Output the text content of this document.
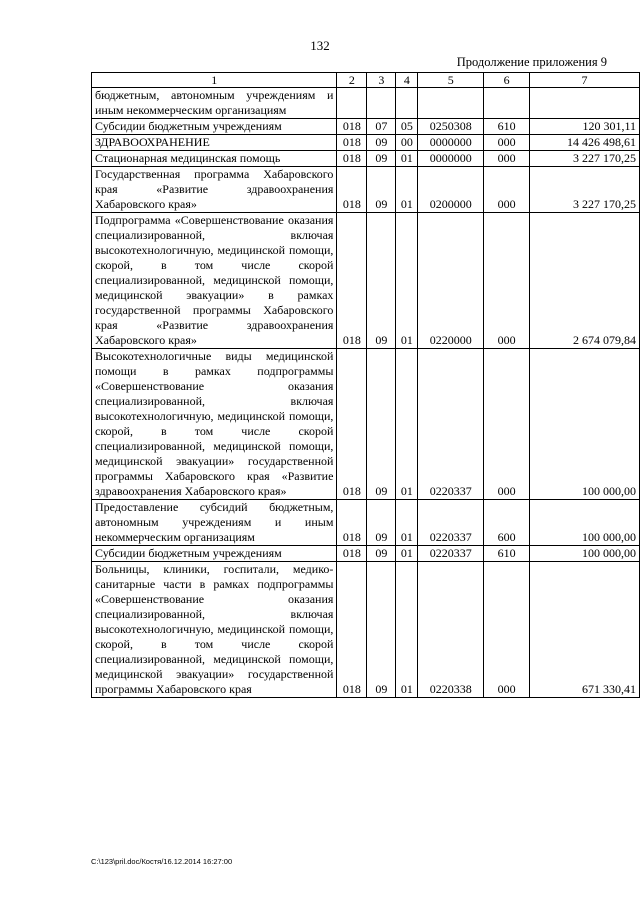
132
Продолжение приложения 9
1	2	3	4	5	6	7
бюджетным, автономным учреждениям и иным некоммерческим организациям						
Субсидии бюджетным учреждениям	018	07	05	0250308	610	120 301,11
ЗДРАВООХРАНЕНИЕ	018	09	00	0000000	000	14 426 498,61
Стационарная медицинская помощь	018	09	01	0000000	000	3 227 170,25
Государственная программа Хабаровского края «Развитие здравоохранения Хабаровского края»	018	09	01	0200000	000	3 227 170,25
Подпрограмма «Совершенствование оказания специализированной, включая высокотехнологичную, медицинской помощи, скорой, в том числе скорой специализированной, медицинской помощи, медицинской эвакуации» в рамках государственной программы Хабаровского края «Развитие здравоохранения Хабаровского края»	018	09	01	0220000	000	2 674 079,84
Высокотехнологичные виды медицинской помощи в рамках подпрограммы «Совершенствование оказания специализированной, включая высокотехнологичную, медицинской помощи, скорой, в том числе скорой специализированной, медицинской помощи, медицинской эвакуации» государственной программы Хабаровского края «Развитие здравоохранения Хабаровского края»	018	09	01	0220337	000	100 000,00
Предоставление субсидий бюджетным, автономным учреждениям и иным некоммерческим организациям	018	09	01	0220337	600	100 000,00
Субсидии бюджетным учреждениям	018	09	01	0220337	610	100 000,00
Больницы, клиники, госпитали, медико-санитарные части в рамках подпрограммы «Совершенствование оказания специализированной, включая высокотехнологичную, медицинской помощи, скорой, в том числе скорой специализированной, медицинской помощи, медицинской эвакуации» государственной программы Хабаровского края	018	09	01	0220338	000	671 330,41
C:\123\pril.doc/Костя/16.12.2014 16:27:00
